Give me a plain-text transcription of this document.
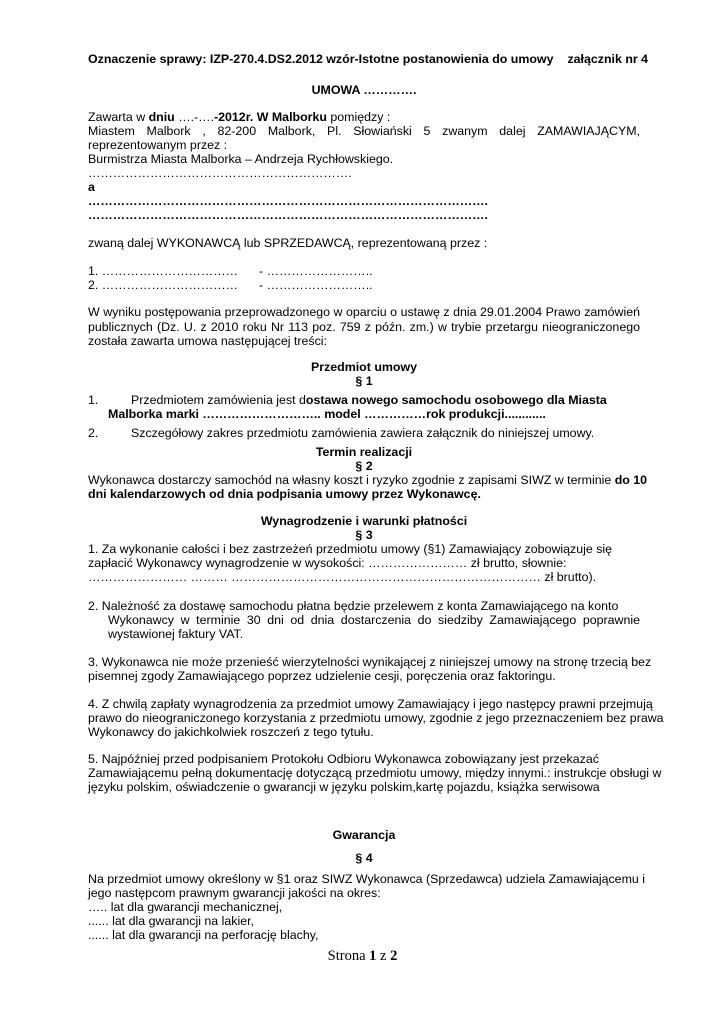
Oznaczenie sprawy: IZP-270.4.DS2.2012 wzór-Istotne postanowienia do umowy załącznik nr 4
UMOWA ………….
Zawarta w dniu ….-….-2012r. W Malborku pomiędzy :
Miastem Malbork , 82-200 Malbork, Pl. Słowiański 5 zwanym dalej ZAMAWIAJĄCYM,
reprezentowanym przez :
Burmistrza Miasta Malborka – Andrzeja Rychłowskiego.
……………………………………………………….
a
…………………………………………………………………………………….
…………………………………………………………………………………….
zwaną dalej WYKONAWCĄ lub SPRZEDAWCĄ, reprezentowaną przez :
1. …………………………… - ……………………..
2. …………………………… - ……………………..
W wyniku postępowania przeprowadzonego w oparciu o ustawę z dnia 29.01.2004 Prawo zamówień
publicznych (Dz. U. z 2010 roku Nr 113 poz. 759 z późn. zm.) w trybie przetargu nieograniczonego
została zawarta umowa następującej treści:
Przedmiot umowy
§ 1
1.	Przedmiotem zamówienia jest dostawa nowego samochodu osobowego dla Miasta
Malborka marki ……………………….. model ……………rok produkcji............
2.	Szczegółowy zakres przedmiotu zamówienia zawiera załącznik do niniejszej umowy.
Termin realizacji
§ 2
Wykonawca dostarczy samochód na własny koszt i ryzyko zgodnie z zapisami SIWZ w terminie do 10
dni kalendarzowych od dnia podpisania umowy przez Wykonawcę.
Wynagrodzenie i warunki płatności
§ 3
1. Za wykonanie całości i bez zastrzeżeń przedmiotu umowy (§1) Zamawiający zobowiązuje się
zapłacić Wykonawcy wynagrodzenie w wysokości: …………………… zł brutto, słownie:
…………………… ……… ………………………………………………………………… zł brutto).
2. Należność za dostawę samochodu płatna będzie przelewem z konta Zamawiającego na konto
Wykonawcy w terminie 30 dni od dnia dostarczenia do siedziby Zamawiającego poprawnie
wystawionej faktury VAT.
3. Wykonawca nie może przenieść wierzytelności wynikającej z niniejszej umowy na stronę trzecią bez
pisemnej zgody Zamawiającego poprzez udzielenie cesji, poręczenia oraz faktoringu.
4. Z chwilą zapłaty wynagrodzenia za przedmiot umowy Zamawiający i jego następcy prawni przejmują
prawo do nieograniczonego korzystania z przedmiotu umowy, zgodnie z jego przeznaczeniem bez prawa
Wykonawcy do jakichkolwiek roszczeń z tego tytułu.
5. Najpóźniej przed podpisaniem Protokołu Odbioru Wykonawca zobowiązany jest przekazać
Zamawiającemu pełną dokumentację dotyczącą przedmiotu umowy, między innymi.: instrukcje obsługi w
języku polskim, oświadczenie o gwarancji w języku polskim,kartę pojazdu, książka serwisowa
Gwarancja
§ 4
Na przedmiot umowy określony w §1 oraz SIWZ Wykonawca (Sprzedawca) udziela Zamawiającemu i
jego następcom prawnym gwarancji jakości na okres:
….. lat dla gwarancji mechanicznej,
...... lat dla gwarancji na lakier,
...... lat dla gwarancji na perforację blachy,
Strona 1 z 2
